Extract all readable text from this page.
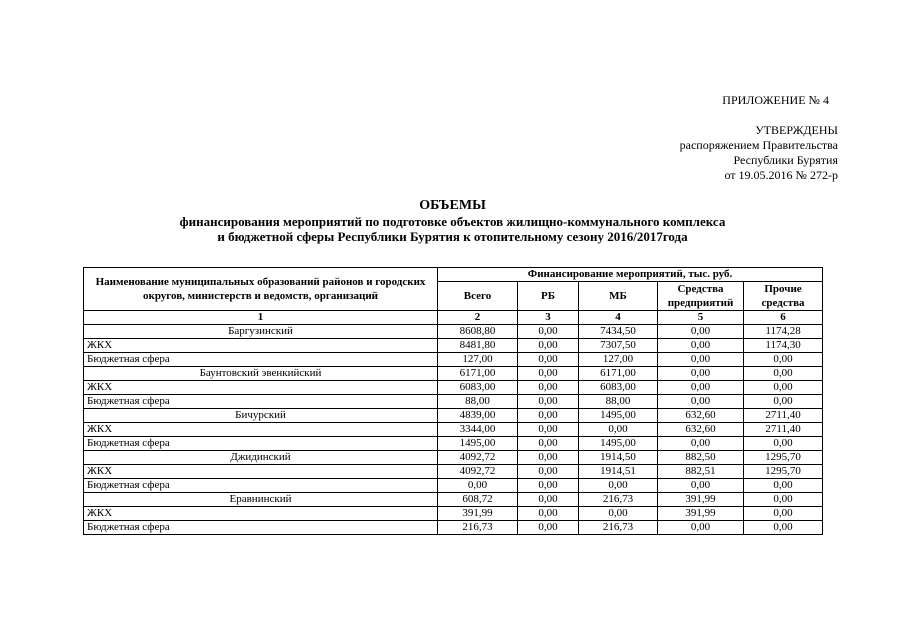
ПРИЛОЖЕНИЕ № 4
УТВЕРЖДЕНЫ
распоряжением Правительства
Республики Бурятия
от 19.05.2016 № 272-р
ОБЪЕМЫ
финансирования мероприятий по подготовке объектов жилищно-коммунального комплекса
и бюджетной сферы Республики Бурятия к отопительному сезону 2016/2017года
Наименование муниципальных образований районов и городских округов, министерств и ведомств, организаций	Финансирование мероприятий, тыс. руб.				
	Всего	РБ	МБ	Средства предприятий	Прочие средства
1	2	3	4	5	6
Баргузинский	8608,80	0,00	7434,50	0,00	1174,28
ЖКХ	8481,80	0,00	7307,50	0,00	1174,30
Бюджетная сфера	127,00	0,00	127,00	0,00	0,00
Баунтовский эвенкийский	6171,00	0,00	6171,00	0,00	0,00
ЖКХ	6083,00	0,00	6083,00	0,00	0,00
Бюджетная сфера	88,00	0,00	88,00	0,00	0,00
Бичурский	4839,00	0,00	1495,00	632,60	2711,40
ЖКХ	3344,00	0,00	0,00	632,60	2711,40
Бюджетная сфера	1495,00	0,00	1495,00	0,00	0,00
Джидинский	4092,72	0,00	1914,50	882,50	1295,70
ЖКХ	4092,72	0,00	1914,51	882,51	1295,70
Бюджетная сфера	0,00	0,00	0,00	0,00	0,00
Еравнинский	608,72	0,00	216,73	391,99	0,00
ЖКХ	391,99	0,00	0,00	391,99	0,00
Бюджетная сфера	216,73	0,00	216,73	0,00	0,00
